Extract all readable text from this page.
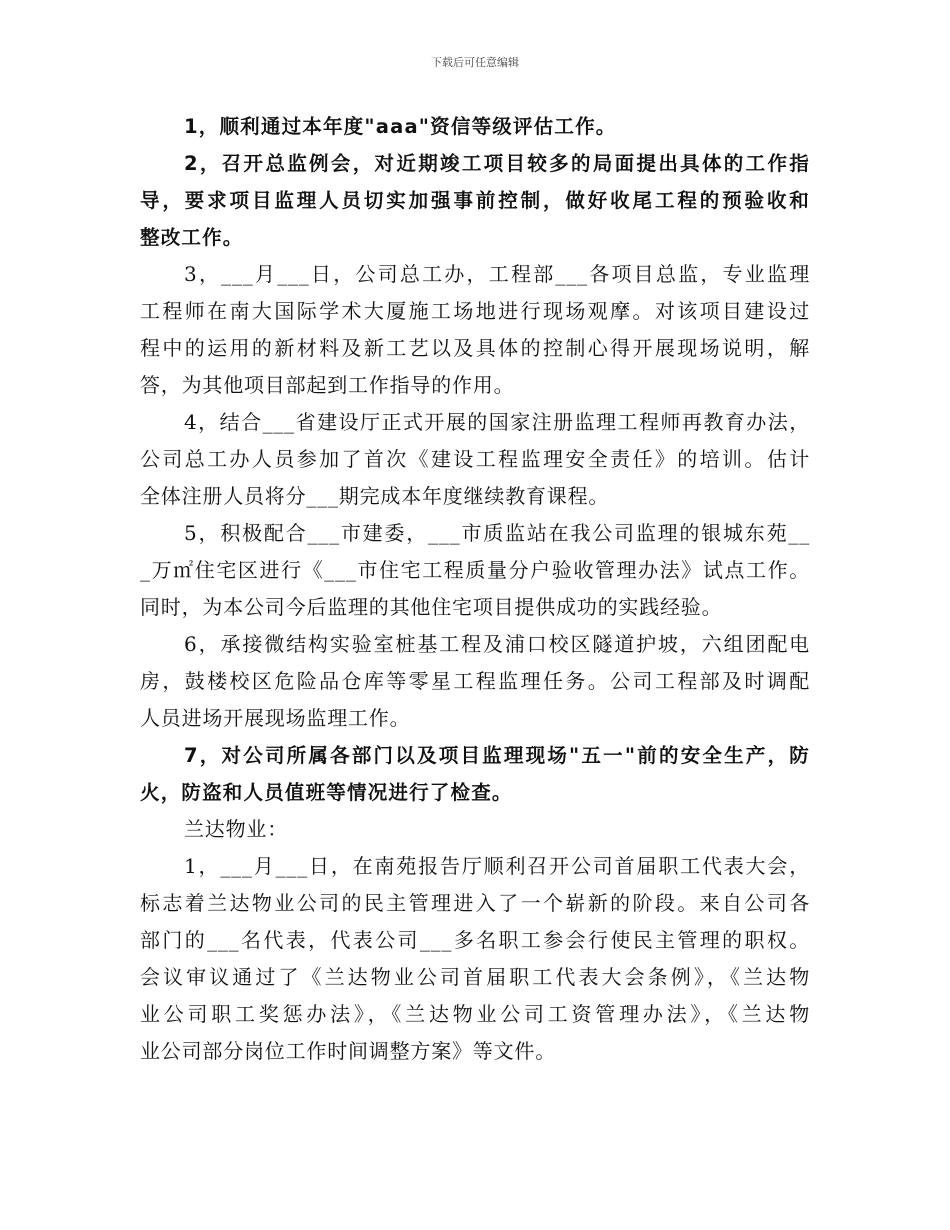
下载后可任意编辑
1，顺利通过本年度"aaa"资信等级评估工作。
2，召开总监例会，对近期竣工项目较多的局面提出具体的工作指
导，要求项目监理人员切实加强事前控制，做好收尾工程的预验收和
整改工作。
3，___月___日，公司总工办，工程部___各项目总监，专业监理
工程师在南大国际学术大厦施工场地进行现场观摩。对该项目建设过
程中的运用的新材料及新工艺以及具体的控制心得开展现场说明，解
答，为其他项目部起到工作指导的作用。
4，结合___省建设厅正式开展的国家注册监理工程师再教育办法，
公司总工办人员参加了首次《建设工程监理安全责任》的培训。估计
全体注册人员将分___期完成本年度继续教育课程。
5，积极配合___市建委，___市质监站在我公司监理的银城东苑__
_万㎡住宅区进行《___市住宅工程质量分户验收管理办法》试点工作。
同时，为本公司今后监理的其他住宅项目提供成功的实践经验。
6，承接微结构实验室桩基工程及浦口校区隧道护坡，六组团配电
房，鼓楼校区危险品仓库等零星工程监理任务。公司工程部及时调配
人员进场开展现场监理工作。
7，对公司所属各部门以及项目监理现场"五一"前的安全生产，防
火，防盗和人员值班等情况进行了检查。
兰达物业：
1，___月___日，在南苑报告厅顺利召开公司首届职工代表大会，
标志着兰达物业公司的民主管理进入了一个崭新的阶段。来自公司各
部门的___名代表，代表公司___多名职工参会行使民主管理的职权。
会议审议通过了《兰达物业公司首届职工代表大会条例》，《兰达物
业公司职工奖惩办法》，《兰达物业公司工资管理办法》，《兰达物
业公司部分岗位工作时间调整方案》等文件。
